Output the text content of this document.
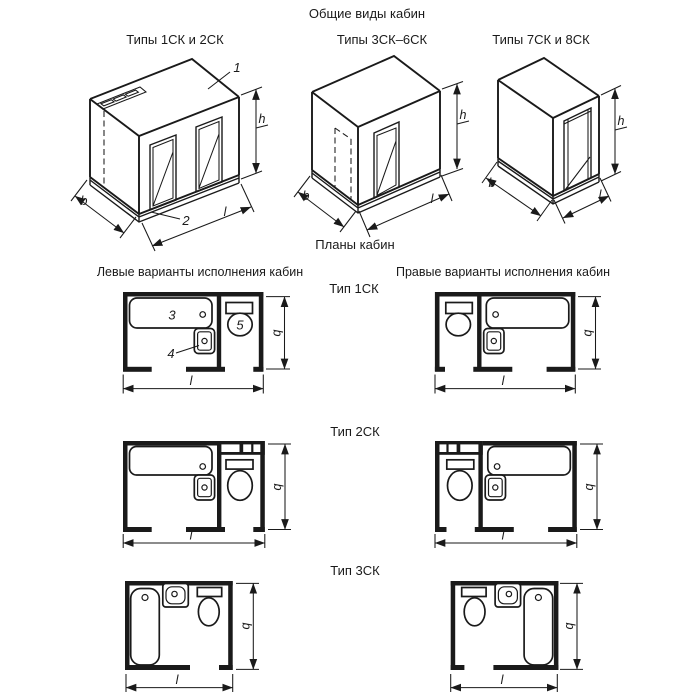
Общие виды кабин
Типы 1СК и 2СК	Типы 3СК–6СК	Типы 7СК и 8СК
1
2
h
b
l
h
b	l
h
b
l
Планы кабин
Левые варианты исполнения кабин	Правые варианты исполнения кабин
Тип 1СК
Тип 2СК
Тип 3СК
3
4
5
b
l
b
l
b
l
b
l
b
l
b
l
